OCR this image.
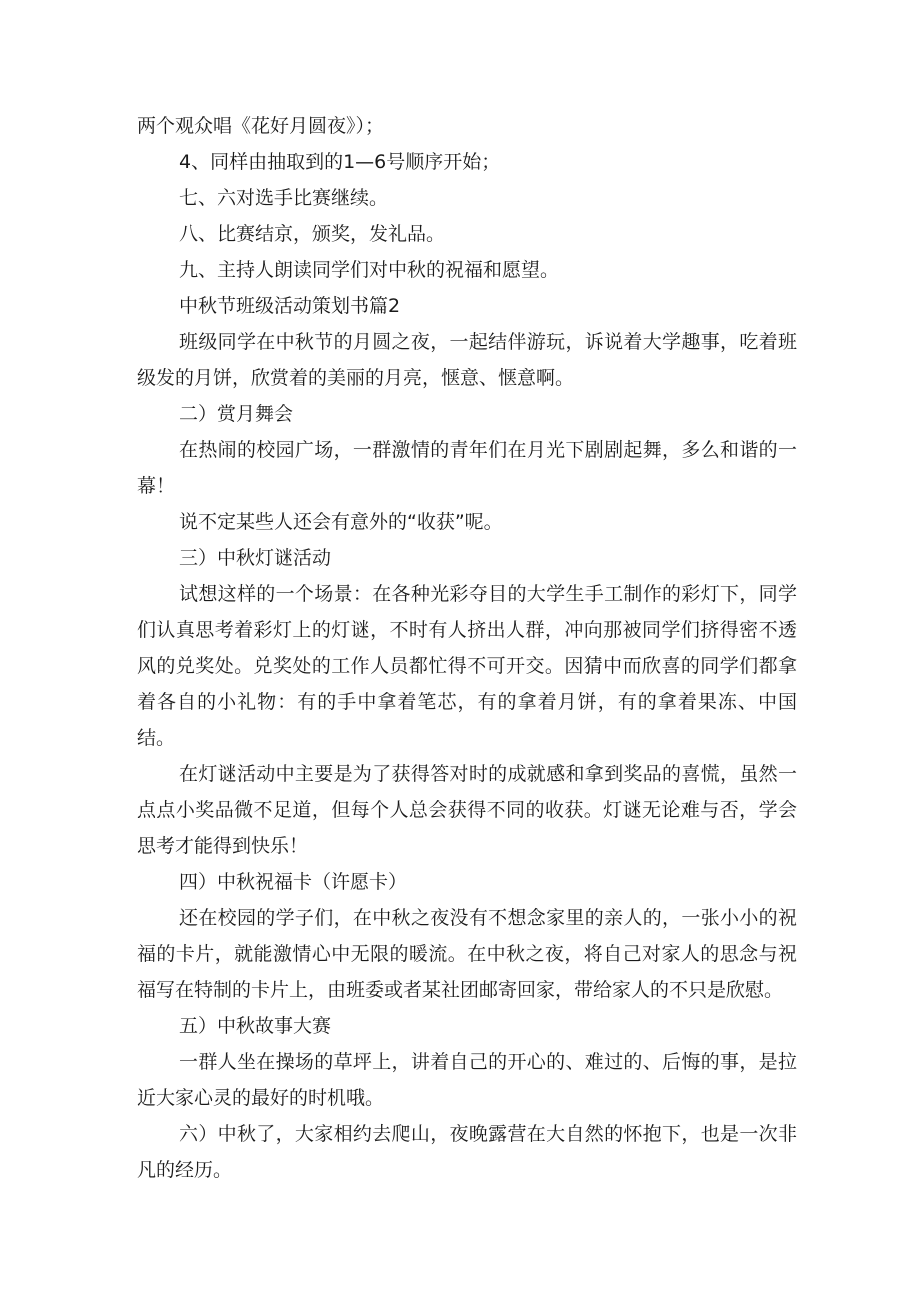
两个观众唱《花好月圆夜》）；

4、同样由抽取到的1—6号顺序开始；

七、六对选手比赛继续。

八、比赛结京，颁奖，发礼品。

九、主持人朗读同学们对中秋的祝福和愿望。

中秋节班级活动策划书篇2

班级同学在中秋节的月圆之夜，一起结伴游玩，诉说着大学趣事，吃着班级发的月饼，欣赏着的美丽的月亮，惬意、惬意啊。

二）赏月舞会

在热闹的校园广场，一群激情的青年们在月光下剧剧起舞，多么和谐的一幕！

说不定某些人还会有意外的“收获”呢。

三）中秋灯谜活动

试想这样的一个场景：在各种光彩夺目的大学生手工制作的彩灯下，同学们认真思考着彩灯上的灯谜，不时有人挤出人群，冲向那被同学们挤得密不透风的兑奖处。兑奖处的工作人员都忙得不可开交。因猜中而欣喜的同学们都拿着各自的小礼物：有的手中拿着笔芯，有的拿着月饼，有的拿着果冻、中国结。

在灯谜活动中主要是为了获得答对时的成就感和拿到奖品的喜慌，虽然一点点小奖品微不足道，但每个人总会获得不同的收获。灯谜无论难与否，学会思考才能得到快乐！

四）中秋祝福卡（许愿卡）

还在校园的学子们，在中秋之夜没有不想念家里的亲人的，一张小小的祝福的卡片，就能激情心中无限的暖流。在中秋之夜，将自己对家人的思念与祝福写在特制的卡片上，由班委或者某社团邮寄回家，带给家人的不只是欣慰。

五）中秋故事大赛

一群人坐在操场的草坪上，讲着自己的开心的、难过的、后悔的事，是拉近大家心灵的最好的时机哦。

六）中秋了，大家相约去爬山，夜晚露营在大自然的怀抱下，也是一次非凡的经历。
